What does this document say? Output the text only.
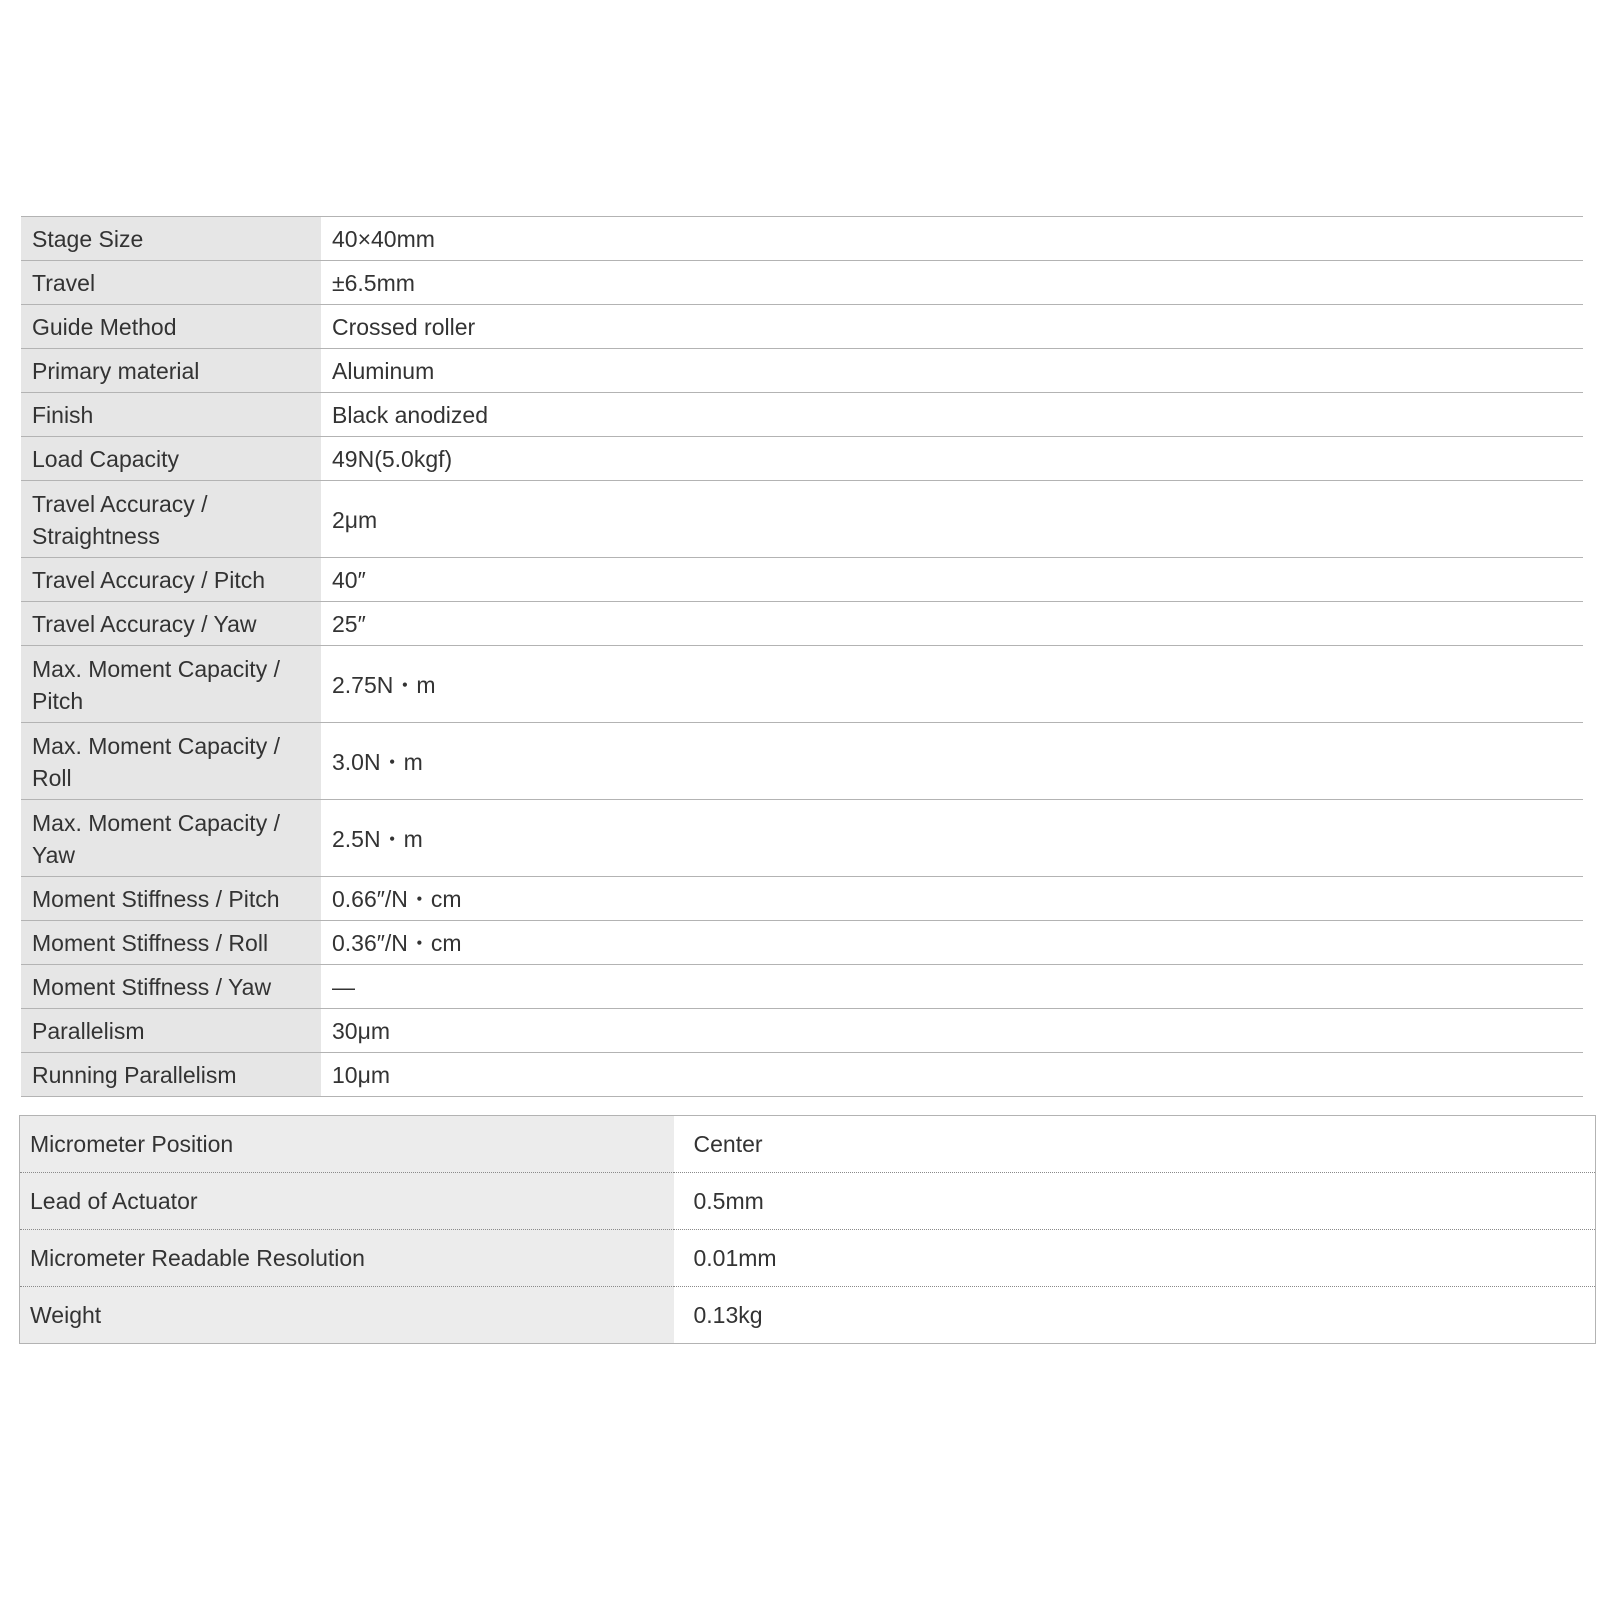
Stage Size	40×40mm
Travel	±6.5mm
Guide Method	Crossed roller
Primary material	Aluminum
Finish	Black anodized
Load Capacity	49N(5.0kgf)
Travel Accuracy / Straightness	2μm
Travel Accuracy / Pitch	40″
Travel Accuracy / Yaw	25″
Max. Moment Capacity / Pitch	2.75N・m
Max. Moment Capacity / Roll	3.0N・m
Max. Moment Capacity / Yaw	2.5N・m
Moment Stiffness / Pitch	0.66″/N・cm
Moment Stiffness / Roll	0.36″/N・cm
Moment Stiffness / Yaw	—
Parallelism	30μm
Running Parallelism	10μm
Micrometer Position	Center
Lead of Actuator	0.5mm
Micrometer Readable Resolution	0.01mm
Weight	0.13kg
